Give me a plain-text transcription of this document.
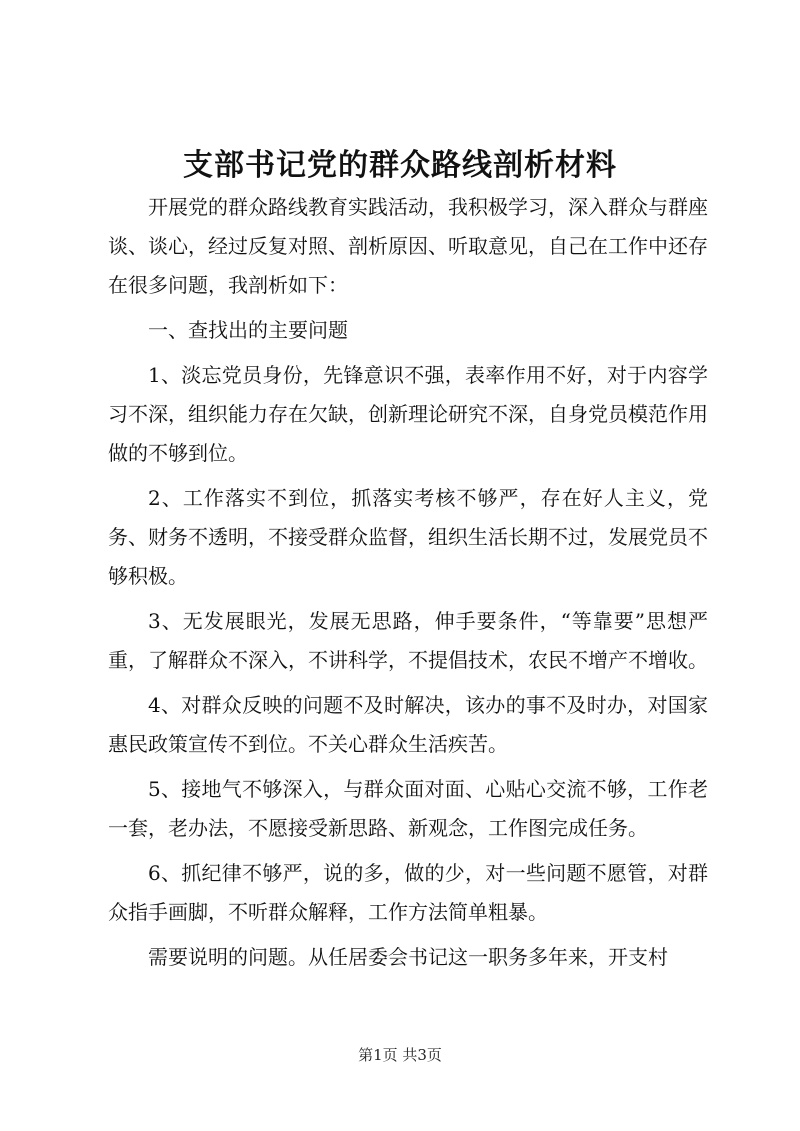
支部书记党的群众路线剖析材料

开展党的群众路线教育实践活动，我积极学习，深入群众与群座谈、谈心，经过反复对照、剖析原因、听取意见，自己在工作中还存在很多问题，我剖析如下：

一、查找出的主要问题

1、淡忘党员身份，先锋意识不强，表率作用不好，对于内容学习不深，组织能力存在欠缺，创新理论研究不深，自身党员模范作用做的不够到位。

2、工作落实不到位，抓落实考核不够严，存在好人主义，党务、财务不透明，不接受群众监督，组织生活长期不过，发展党员不够积极。

3、无发展眼光，发展无思路，伸手要条件，“等靠要”思想严重，了解群众不深入，不讲科学，不提倡技术，农民不增产不增收。

4、对群众反映的问题不及时解决，该办的事不及时办，对国家惠民政策宣传不到位。不关心群众生活疾苦。

5、接地气不够深入，与群众面对面、心贴心交流不够，工作老一套，老办法，不愿接受新思路、新观念，工作图完成任务。

6、抓纪律不够严，说的多，做的少，对一些问题不愿管，对群众指手画脚，不听群众解释，工作方法简单粗暴。

需要说明的问题。从任居委会书记这一职务多年来，开支村

第1页 共3页
